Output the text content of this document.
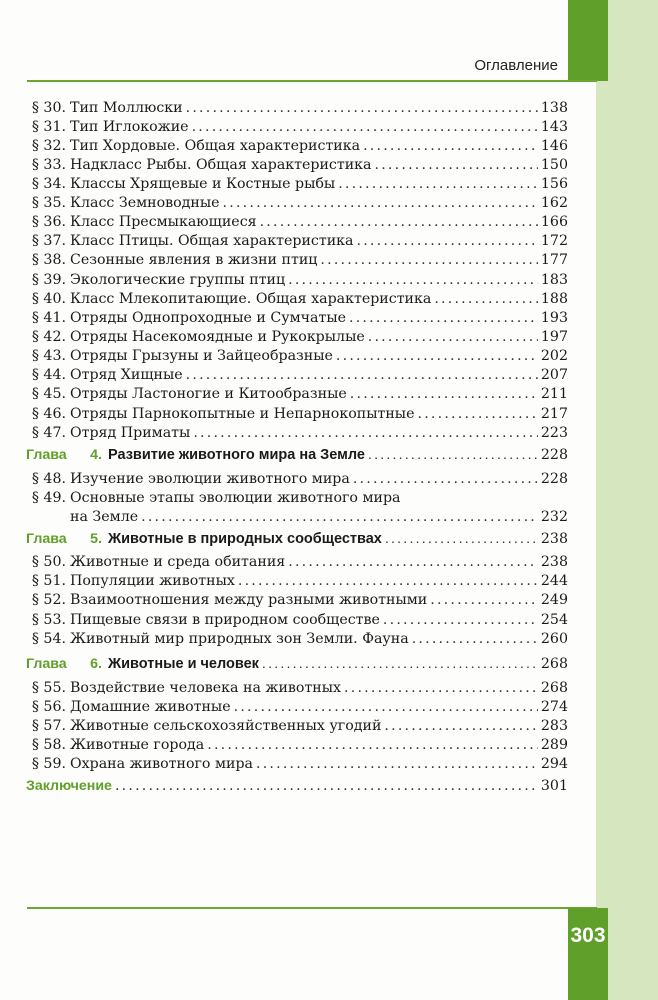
Оглавление
§ 30. Тип Моллюски .....	138
§ 31. Тип Иглокожие .....	143
§ 32. Тип Хордовые. Общая характеристика .....	146
§ 33. Надкласс Рыбы. Общая характеристика .....	150
§ 34. Классы Хрящевые и Костные рыбы .....	156
§ 35. Класс Земноводные .....	162
§ 36. Класс Пресмыкающиеся .....	166
§ 37. Класс Птицы. Общая характеристика .....	172
§ 38. Сезонные явления в жизни птиц .....	177
§ 39. Экологические группы птиц .....	183
§ 40. Класс Млекопитающие. Общая характеристика .....	188
§ 41. Отряды Однопроходные и Сумчатые .....	193
§ 42. Отряды Насекомоядные и Рукокрылые .....	197
§ 43. Отряды Грызуны и Зайцеобразные .....	202
§ 44. Отряд Хищные .....	207
§ 45. Отряды Ластоногие и Китообразные .....	211
§ 46. Отряды Парнокопытные и Непарнокопытные .....	217
§ 47. Отряд Приматы .....	223
Глава	4. Развитие животного мира на Земле .....	228
§ 48. Изучение эволюции животного мира .....	228
§ 49. Основные этапы эволюции животного мира
на Земле .....	232
Глава	5. Животные в природных сообществах .....	238
§ 50. Животные и среда обитания .....	238
§ 51. Популяции животных .....	244
§ 52. Взаимоотношения между разными животными .....	249
§ 53. Пищевые связи в природном сообществе .....	254
§ 54. Животный мир природных зон Земли. Фауна .....	260
Глава	6. Животные и человек .....	268
§ 55. Воздействие человека на животных .....	268
§ 56. Домашние животные .....	274
§ 57. Животные сельскохозяйственных угодий .....	283
§ 58. Животные города .....	289
§ 59. Охрана животного мира .....	294
Заключение .....	301
303
